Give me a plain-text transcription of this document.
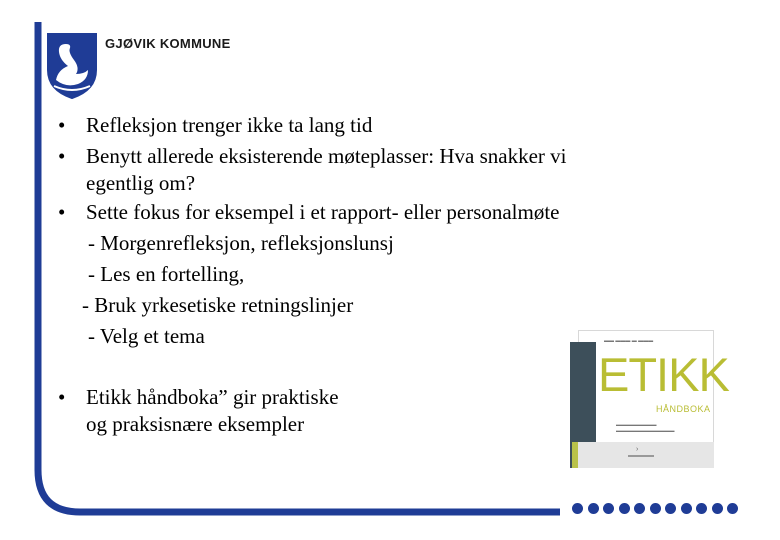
GJØVIK KOMMUNE
• Refleksjon trenger ikke ta lang tid
• Benytt allerede eksisterende møteplasser: Hva snakker vi
egentlig om?
• Sette fokus for eksempel i et rapport- eller personalmøte
- Morgenrefleksjon, refleksjonslunsj
- Les en fortelling,
- Bruk yrkesetiske retningslinjer
- Velg et tema
• Etikk håndboka” gir praktiske
og praksisnære eksempler
▬▬ ▬▬▬ ▬ ▬▬▬
ETIKK
HÅNDBOKA
▬▬▬▬▬▬▬▬▬
▬▬▬▬▬▬▬▬▬▬▬▬▬
›
